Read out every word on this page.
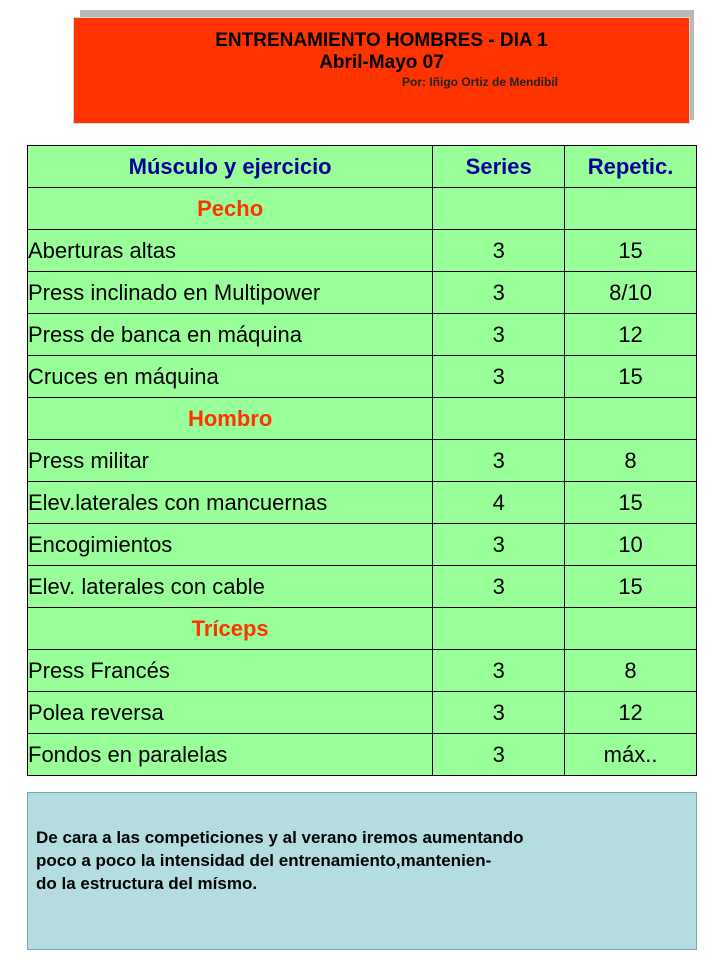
ENTRENAMIENTO HOMBRES - DIA 1
Abril-Mayo 07
Por: Iñigo Ortiz de Mendibil
Músculo y ejercicio	Series	Repetic.
Pecho		
Aberturas altas	3	15
Press inclinado en Multipower	3	8/10
Press de banca en máquina	3	12
Cruces en máquina	3	15
Hombro		
Press militar	3	8
Elev.laterales con mancuernas	4	15
Encogimientos	3	10
Elev. laterales con cable	3	15
Tríceps		
Press Francés	3	8
Polea reversa	3	12
Fondos en paralelas	3	máx..
De cara a las competiciones y al verano iremos aumentando
poco a poco la intensidad del entrenamiento,mantenien-
do la estructura del mísmo.
